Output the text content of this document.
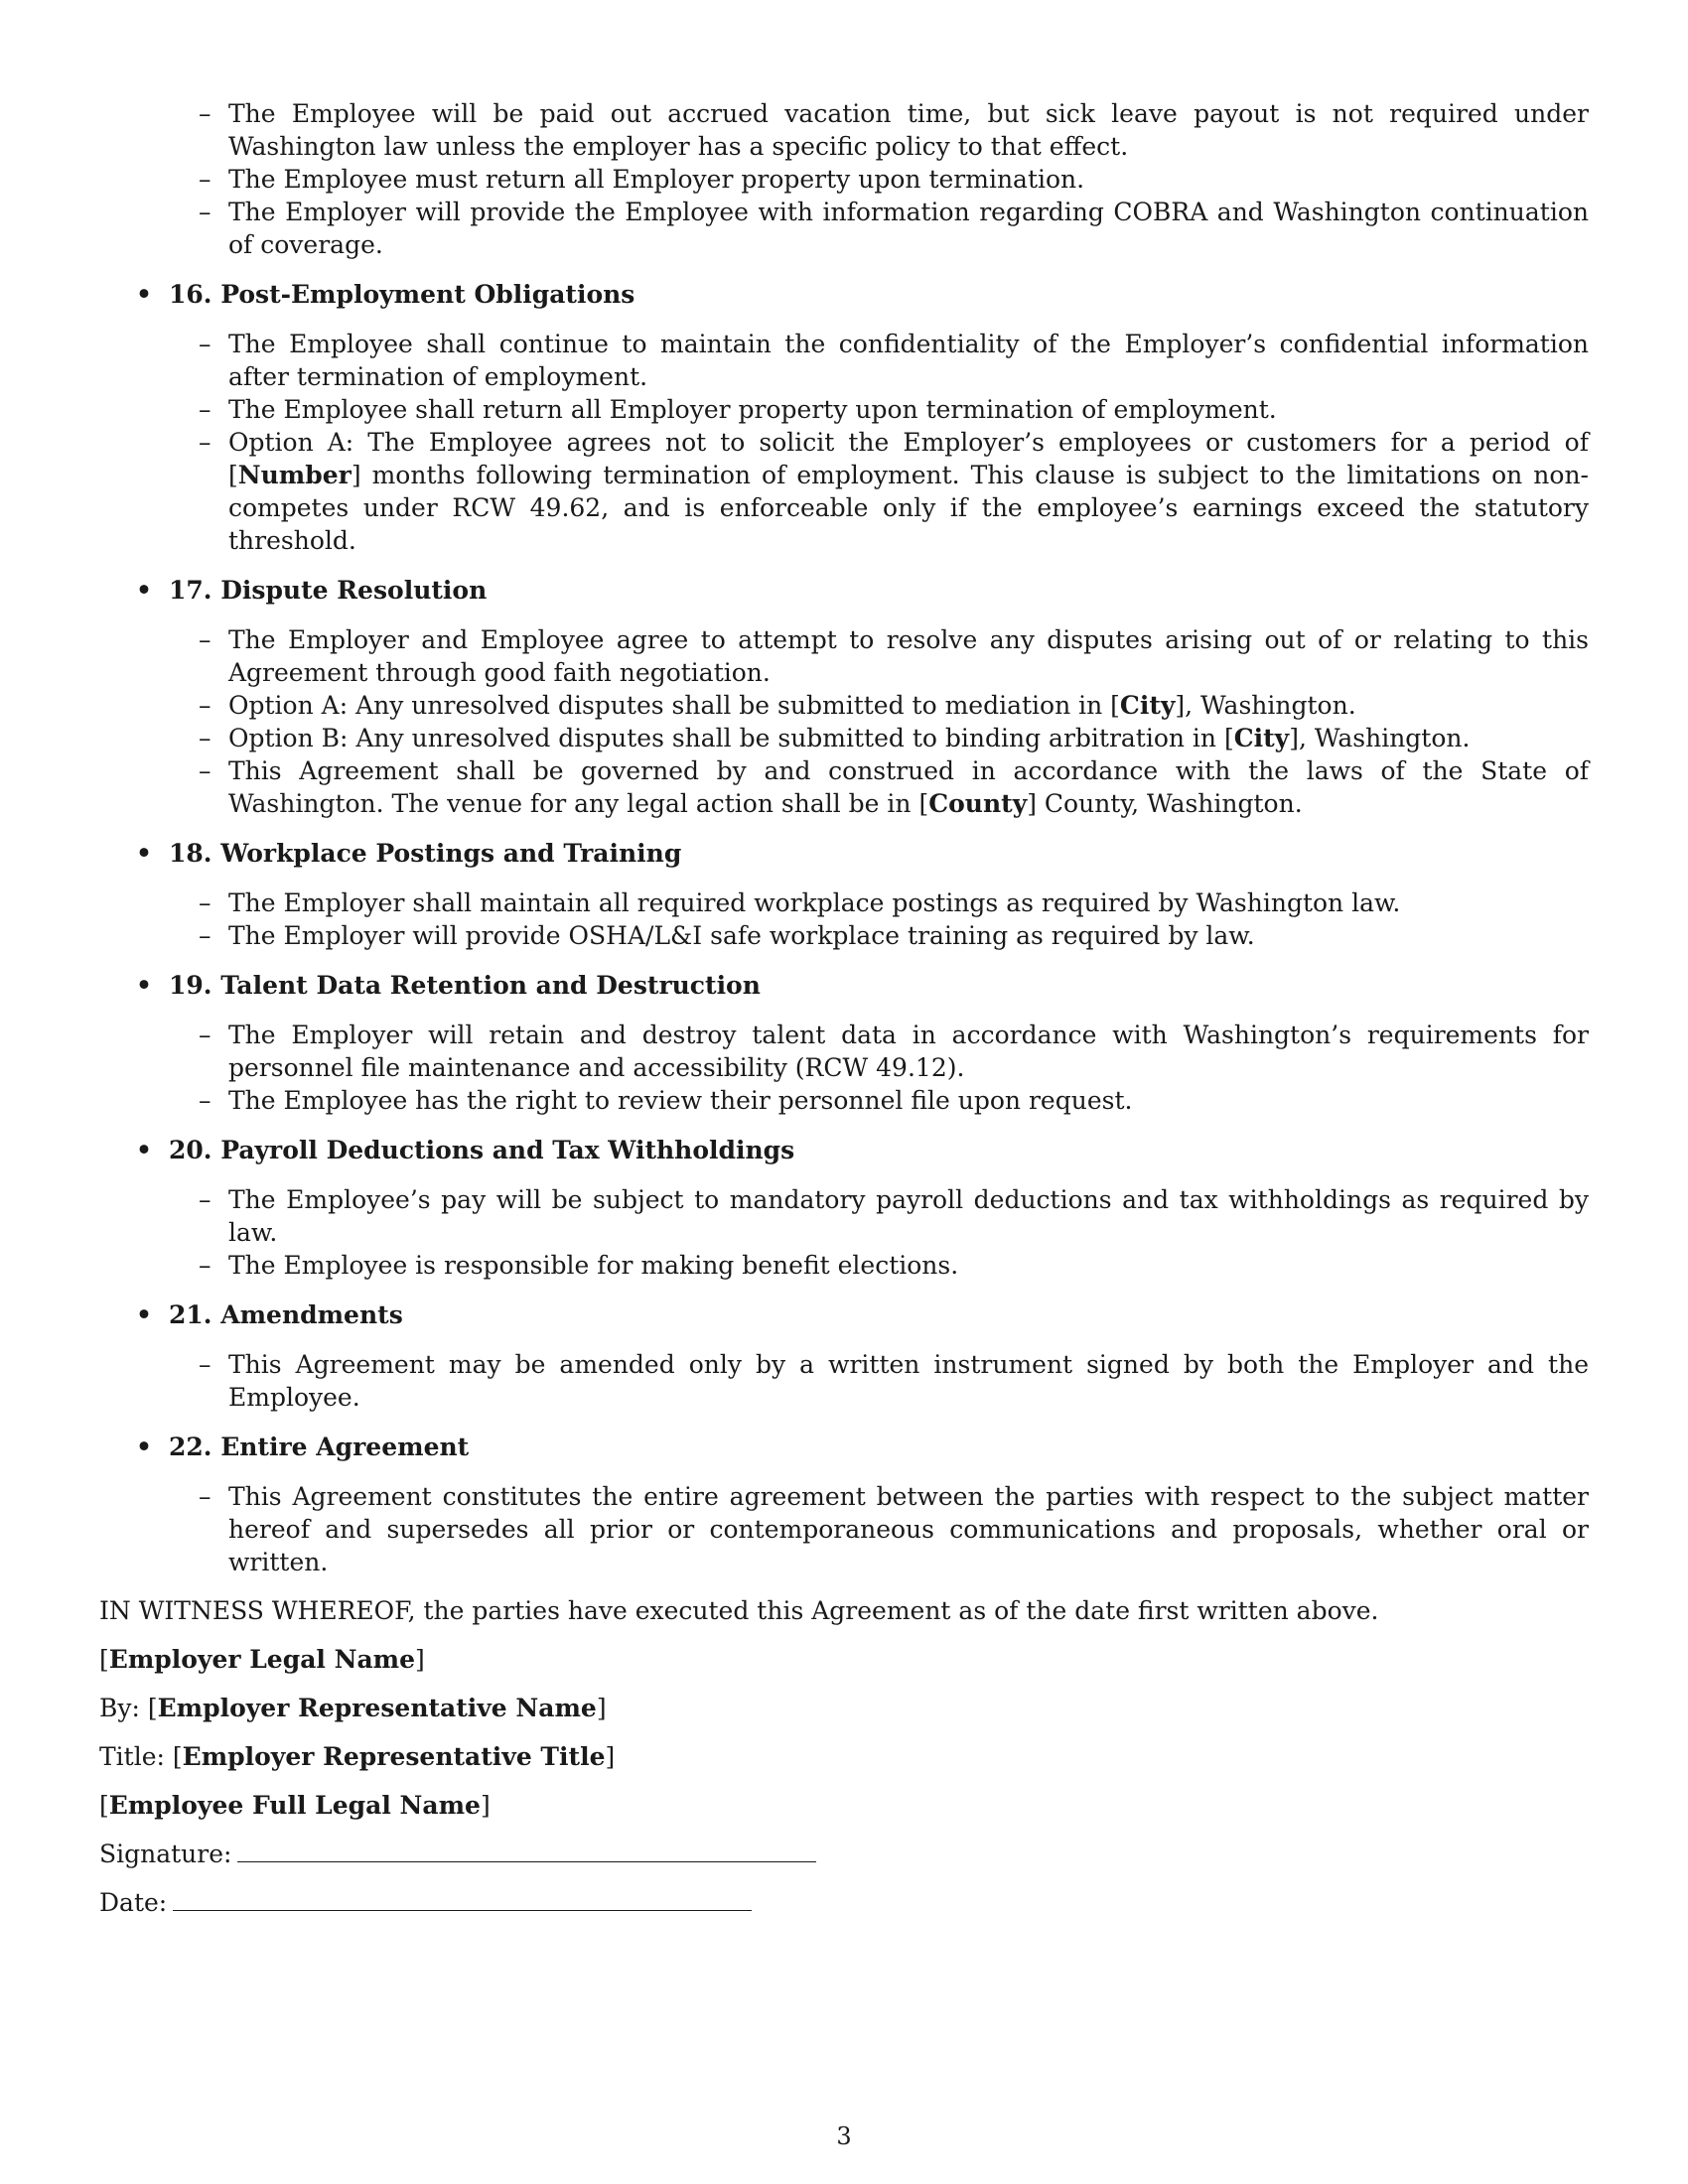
– The Employee will be paid out accrued vacation time, but sick leave payout is not required under Washington law unless the employer has a specific policy to that effect.
– The Employee must return all Employer property upon termination.
– The Employer will provide the Employee with information regarding COBRA and Washington continuation of coverage.
• 16. Post-Employment Obligations
– The Employee shall continue to maintain the confidentiality of the Employer’s confidential information after termination of employment.
– The Employee shall return all Employer property upon termination of employment.
– Option A: The Employee agrees not to solicit the Employer’s employees or customers for a period of [Number] months following termination of employment. This clause is subject to the limitations on non-competes under RCW 49.62, and is enforceable only if the employee’s earnings exceed the statutory threshold.
• 17. Dispute Resolution
– The Employer and Employee agree to attempt to resolve any disputes arising out of or relating to this Agreement through good faith negotiation.
– Option A: Any unresolved disputes shall be submitted to mediation in [City], Washington.
– Option B: Any unresolved disputes shall be submitted to binding arbitration in [City], Washington.
– This Agreement shall be governed by and construed in accordance with the laws of the State of Washington. The venue for any legal action shall be in [County] County, Washington.
• 18. Workplace Postings and Training
– The Employer shall maintain all required workplace postings as required by Washington law.
– The Employer will provide OSHA/L&I safe workplace training as required by law.
• 19. Talent Data Retention and Destruction
– The Employer will retain and destroy talent data in accordance with Washington’s requirements for personnel file maintenance and accessibility (RCW 49.12).
– The Employee has the right to review their personnel file upon request.
• 20. Payroll Deductions and Tax Withholdings
– The Employee’s pay will be subject to mandatory payroll deductions and tax withholdings as required by law.
– The Employee is responsible for making benefit elections.
• 21. Amendments
– This Agreement may be amended only by a written instrument signed by both the Employer and the Employee.
• 22. Entire Agreement
– This Agreement constitutes the entire agreement between the parties with respect to the subject matter hereof and supersedes all prior or contemporaneous communications and proposals, whether oral or written.

IN WITNESS WHEREOF, the parties have executed this Agreement as of the date first written above.

[Employer Legal Name]

By: [Employer Representative Name]

Title: [Employer Representative Title]

[Employee Full Legal Name]

Signature:

Date:

3
